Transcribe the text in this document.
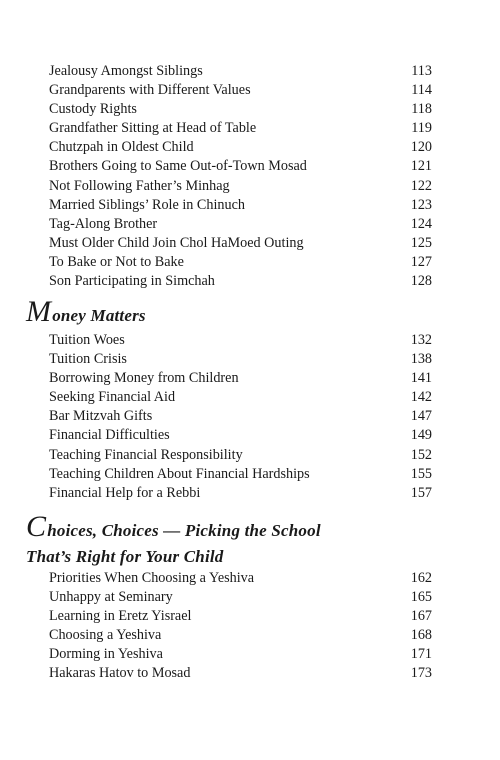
Jealousy Amongst Siblings	113
Grandparents with Different Values	114
Custody Rights	118
Grandfather Sitting at Head of Table	119
Chutzpah in Oldest Child	120
Brothers Going to Same Out-of-Town Mosad	121
Not Following Father’s Minhag	122
Married Siblings’ Role in Chinuch	123
Tag-Along Brother	124
Must Older Child Join Chol HaMoed Outing	125
To Bake or Not to Bake	127
Son Participating in Simchah	128
Money Matters
Tuition Woes	132
Tuition Crisis	138
Borrowing Money from Children	141
Seeking Financial Aid	142
Bar Mitzvah Gifts	147
Financial Difficulties	149
Teaching Financial Responsibility	152
Teaching Children About Financial Hardships	155
Financial Help for a Rebbi	157
Choices, Choices — Picking the School
That’s Right for Your Child
Priorities When Choosing a Yeshiva	162
Unhappy at Seminary	165
Learning in Eretz Yisrael	167
Choosing a Yeshiva	168
Dorming in Yeshiva	171
Hakaras Hatov to Mosad	173
